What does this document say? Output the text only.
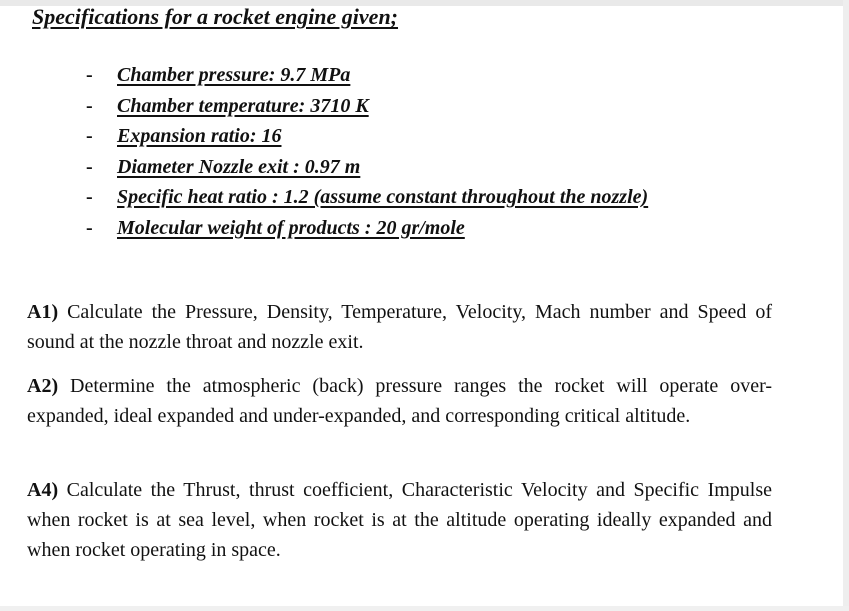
Specifications for a rocket engine given;
-	Chamber pressure: 9.7 MPa
-	Chamber temperature: 3710 K
-	Expansion ratio: 16
-	Diameter Nozzle exit : 0.97 m
-	Specific heat ratio : 1.2 (assume constant throughout the nozzle)
-	Molecular weight of products : 20 gr/mole

A1) Calculate the Pressure, Density, Temperature, Velocity, Mach number and Speed of sound at the nozzle throat and nozzle exit.

A2) Determine the atmospheric (back) pressure ranges the rocket will operate over-expanded, ideal expanded and under-expanded, and corresponding critical altitude.

A4) Calculate the Thrust, thrust coefficient, Characteristic Velocity and Specific Impulse when rocket is at sea level, when rocket is at the altitude operating ideally expanded and when rocket operating in space.
